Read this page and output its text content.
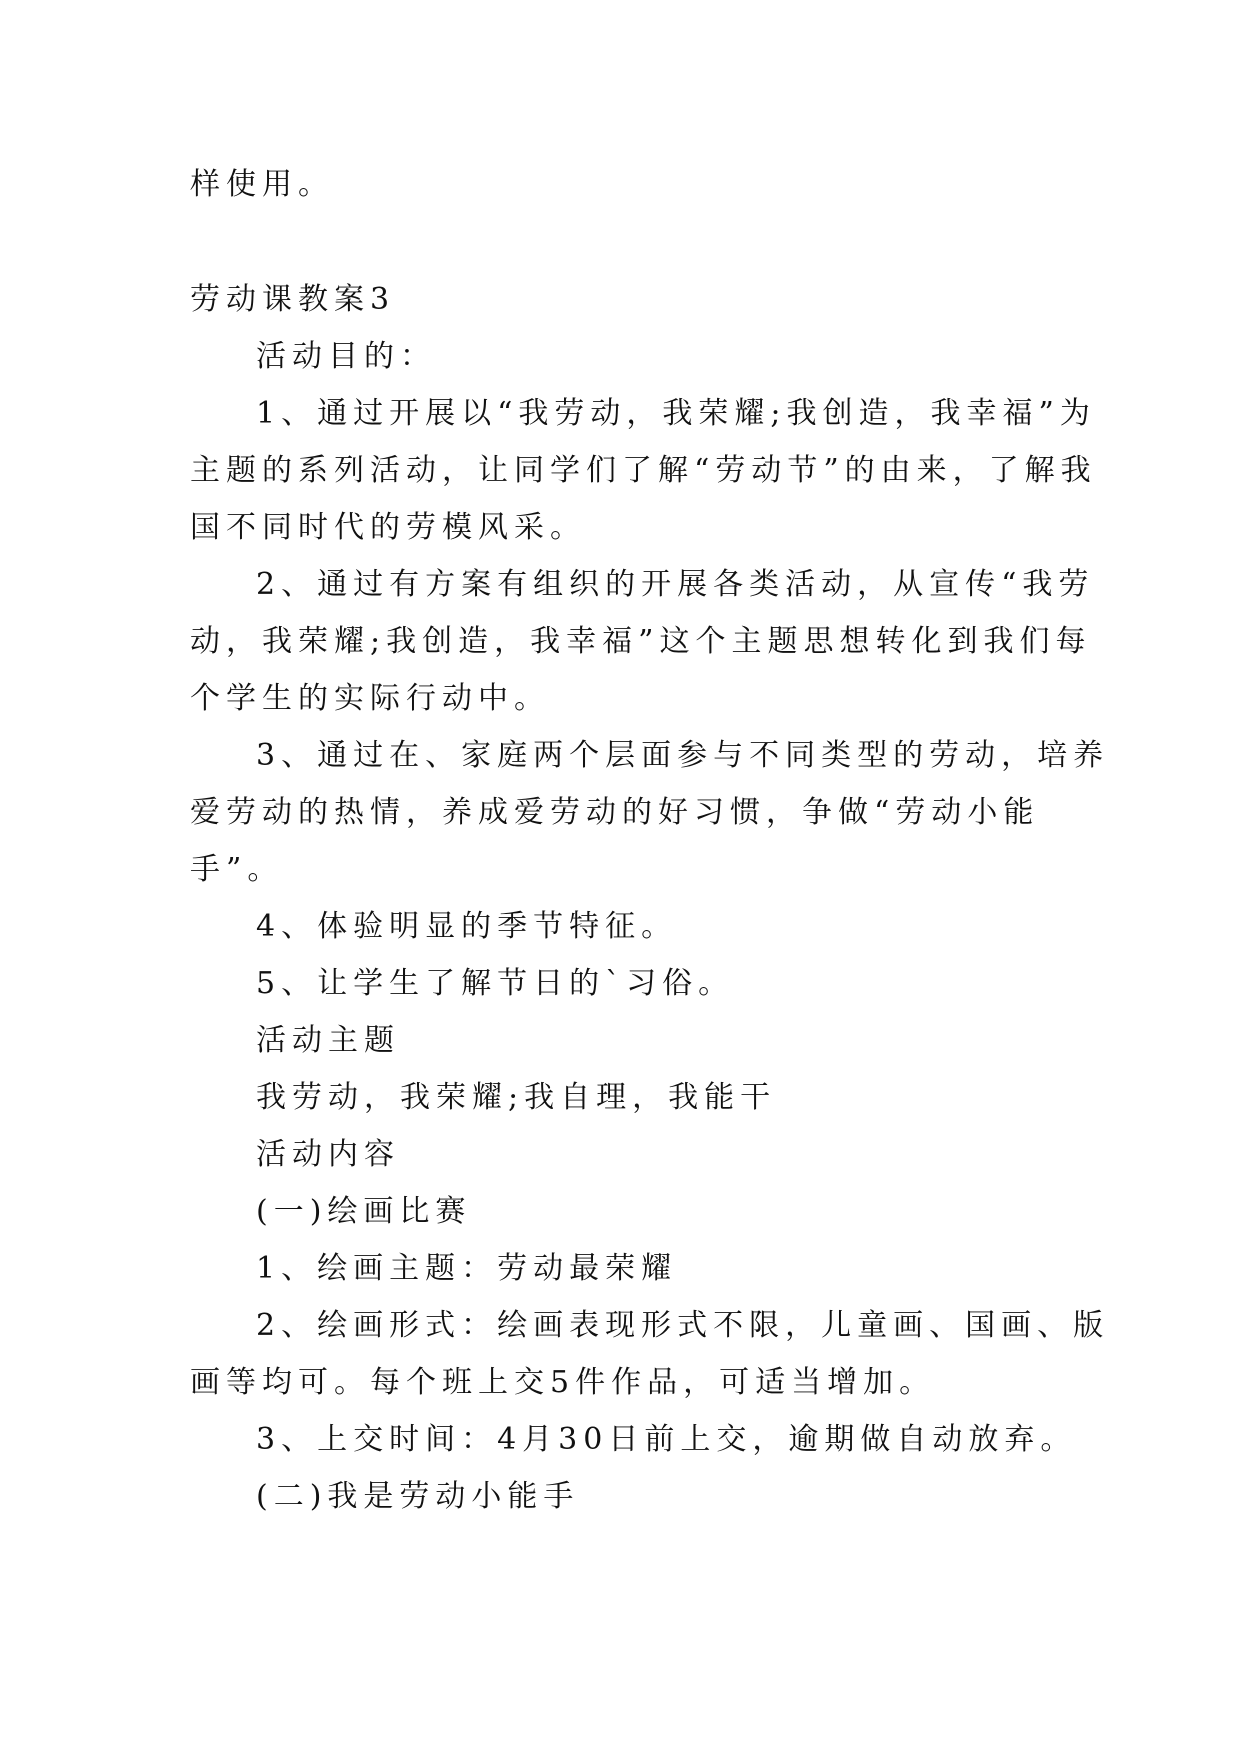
样使用。
劳动课教案3
活动目的：
1、通过开展以“我劳动，我荣耀;我创造，我幸福”为
主题的系列活动，让同学们了解“劳动节”的由来，了解我
国不同时代的劳模风采。
2、通过有方案有组织的开展各类活动，从宣传“我劳
动，我荣耀;我创造，我幸福”这个主题思想转化到我们每
个学生的实际行动中。
3、通过在、家庭两个层面参与不同类型的劳动，培养
爱劳动的热情，养成爱劳动的好习惯，争做“劳动小能
手”。
4、体验明显的季节特征。
5、让学生了解节日的`习俗。
活动主题
我劳动，我荣耀;我自理，我能干
活动内容
(一)绘画比赛
1、绘画主题：劳动最荣耀
2、绘画形式：绘画表现形式不限，儿童画、国画、版
画等均可。每个班上交5件作品，可适当增加。
3、上交时间：4月30日前上交，逾期做自动放弃。
(二)我是劳动小能手
